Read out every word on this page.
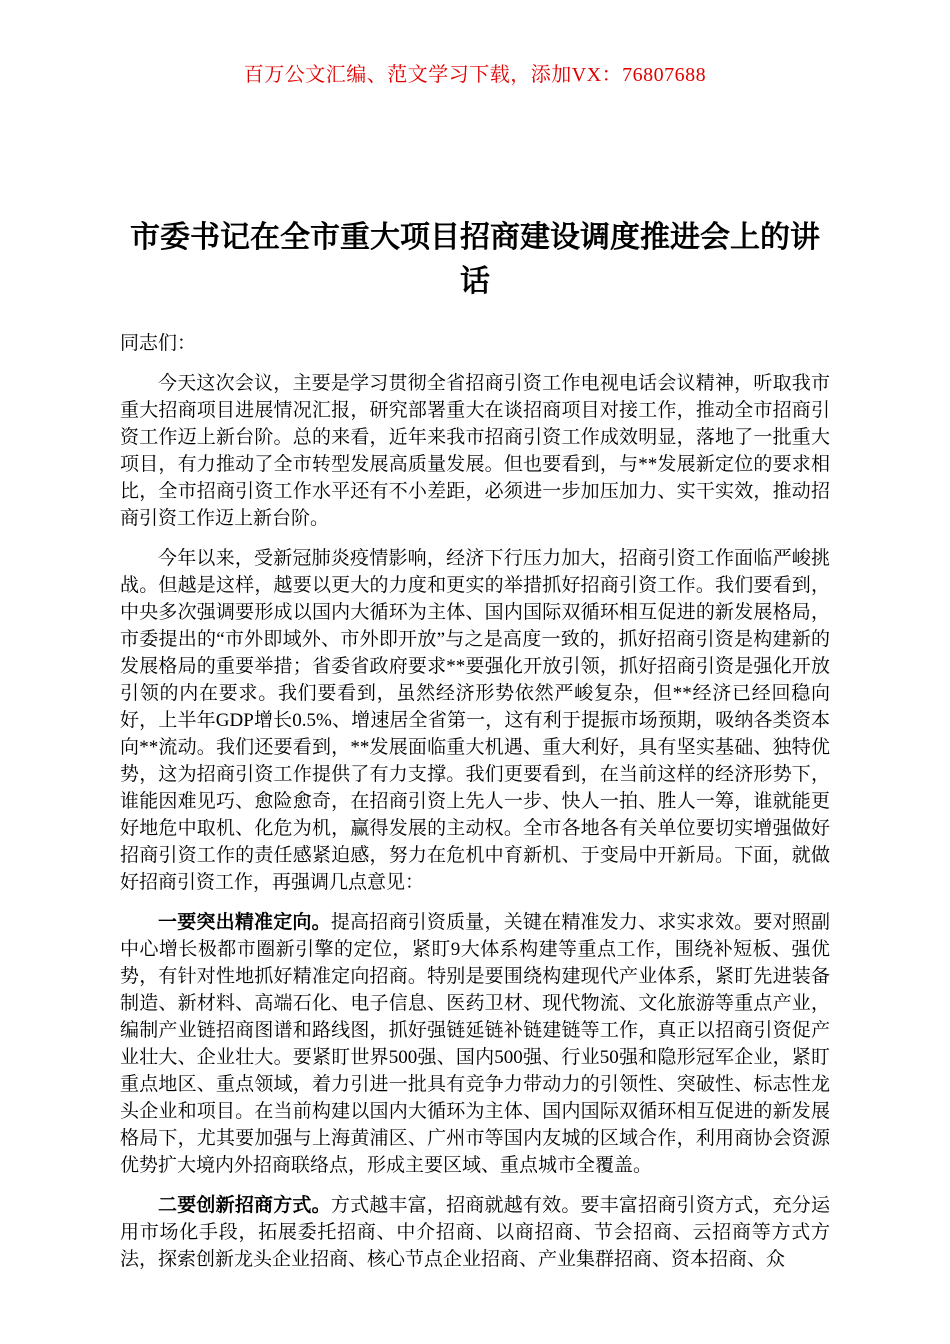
百万公文汇编、范文学习下载，添加VX：76807688
市委书记在全市重大项目招商建设调度推进会上的讲话

同志们：

今天这次会议，主要是学习贯彻全省招商引资工作电视电话会议精神，听取我市重大招商项目进展情况汇报，研究部署重大在谈招商项目对接工作，推动全市招商引资工作迈上新台阶。总的来看，近年来我市招商引资工作成效明显，落地了一批重大项目，有力推动了全市转型发展高质量发展。但也要看到，与**发展新定位的要求相比，全市招商引资工作水平还有不小差距，必须进一步加压加力、实干实效，推动招商引资工作迈上新台阶。

今年以来，受新冠肺炎疫情影响，经济下行压力加大，招商引资工作面临严峻挑战。但越是这样，越要以更大的力度和更实的举措抓好招商引资工作。我们要看到，中央多次强调要形成以国内大循环为主体、国内国际双循环相互促进的新发展格局，市委提出的“市外即域外、市外即开放”与之是高度一致的，抓好招商引资是构建新的发展格局的重要举措；省委省政府要求**要强化开放引领，抓好招商引资是强化开放引领的内在要求。我们要看到，虽然经济形势依然严峻复杂，但**经济已经回稳向好，上半年GDP增长0.5%、增速居全省第一，这有利于提振市场预期，吸纳各类资本向**流动。我们还要看到，**发展面临重大机遇、重大利好，具有坚实基础、独特优势，这为招商引资工作提供了有力支撑。我们更要看到，在当前这样的经济形势下，谁能因难见巧、愈险愈奇，在招商引资上先人一步、快人一拍、胜人一筹，谁就能更好地危中取机、化危为机，赢得发展的主动权。全市各地各有关单位要切实增强做好招商引资工作的责任感紧迫感，努力在危机中育新机、于变局中开新局。下面，就做好招商引资工作，再强调几点意见：

一要突出精准定向。提高招商引资质量，关键在精准发力、求实求效。要对照副中心增长极都市圈新引擎的定位，紧盯9大体系构建等重点工作，围绕补短板、强优势，有针对性地抓好精准定向招商。特别是要围绕构建现代产业体系，紧盯先进装备制造、新材料、高端石化、电子信息、医药卫材、现代物流、文化旅游等重点产业，编制产业链招商图谱和路线图，抓好强链延链补链建链等工作，真正以招商引资促产业壮大、企业壮大。要紧盯世界500强、国内500强、行业50强和隐形冠军企业，紧盯重点地区、重点领域，着力引进一批具有竞争力带动力的引领性、突破性、标志性龙头企业和项目。在当前构建以国内大循环为主体、国内国际双循环相互促进的新发展格局下，尤其要加强与上海黄浦区、广州市等国内友城的区域合作，利用商协会资源优势扩大境内外招商联络点，形成主要区域、重点城市全覆盖。

二要创新招商方式。方式越丰富，招商就越有效。要丰富招商引资方式，充分运用市场化手段，拓展委托招商、中介招商、以商招商、节会招商、云招商等方式方法，探索创新龙头企业招商、核心节点企业招商、产业集群招商、资本招商、众
